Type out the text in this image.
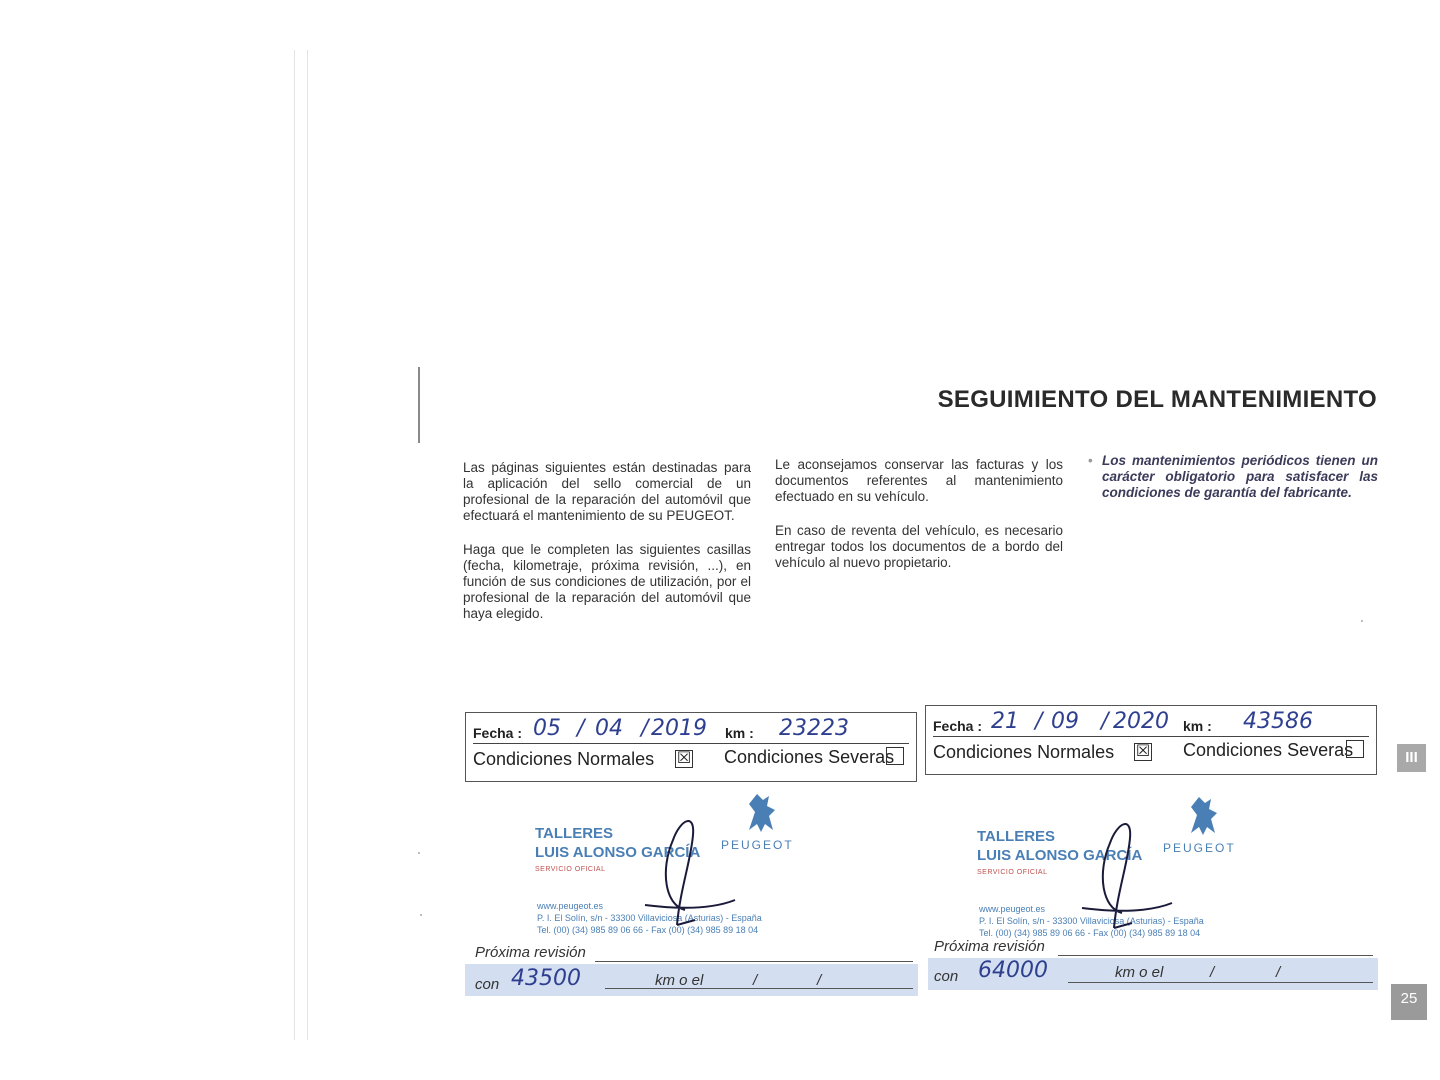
SEGUIMIENTO DEL MANTENIMIENTO

Las páginas siguientes están destinadas para la aplicación del sello comercial de un profesional de la reparación del automóvil que efectuará el mantenimiento de su PEUGEOT.

Haga que le completen las siguientes casillas (fecha, kilometraje, próxima revisión, ...), en función de sus condiciones de utilización, por el profesional de la reparación del automóvil que haya elegido.

Le aconsejamos conservar las facturas y los documentos referentes al mantenimiento efectuado en su vehículo.

En caso de reventa del vehículo, es necesario entregar todos los documentos de a bordo del vehículo al nuevo propietario.

• Los mantenimientos periódicos tienen un carácter obligatorio para satisfacer las condiciones de garantía del fabricante.

Fecha : 05 / 04 / 2019 km : 23223
Condiciones Normales ☒ Condiciones Severas
PEUGEOT
TALLERES
LUIS ALONSO GARCÍA
SERVICIO OFICIAL
www.peugeot.es
P. I. El Solín, s/n - 33300 Villaviciosa (Asturias) - España
Tel. (00) (34) 985 89 06 66 - Fax (00) (34) 985 89 18 04
Próxima revisión
con 43500	km o el	/	/
Fecha : 21 / 09 / 2020 km : 43586
Condiciones Normales ☒ Condiciones Severas
PEUGEOT
TALLERES
LUIS ALONSO GARCÍA
SERVICIO OFICIAL
www.peugeot.es
P. I. El Solín, s/n - 33300 Villaviciosa (Asturias) - España
Tel. (00) (34) 985 89 06 66 - Fax (00) (34) 985 89 18 04
Próxima revisión
con 64000	km o el	/	/
III
25
